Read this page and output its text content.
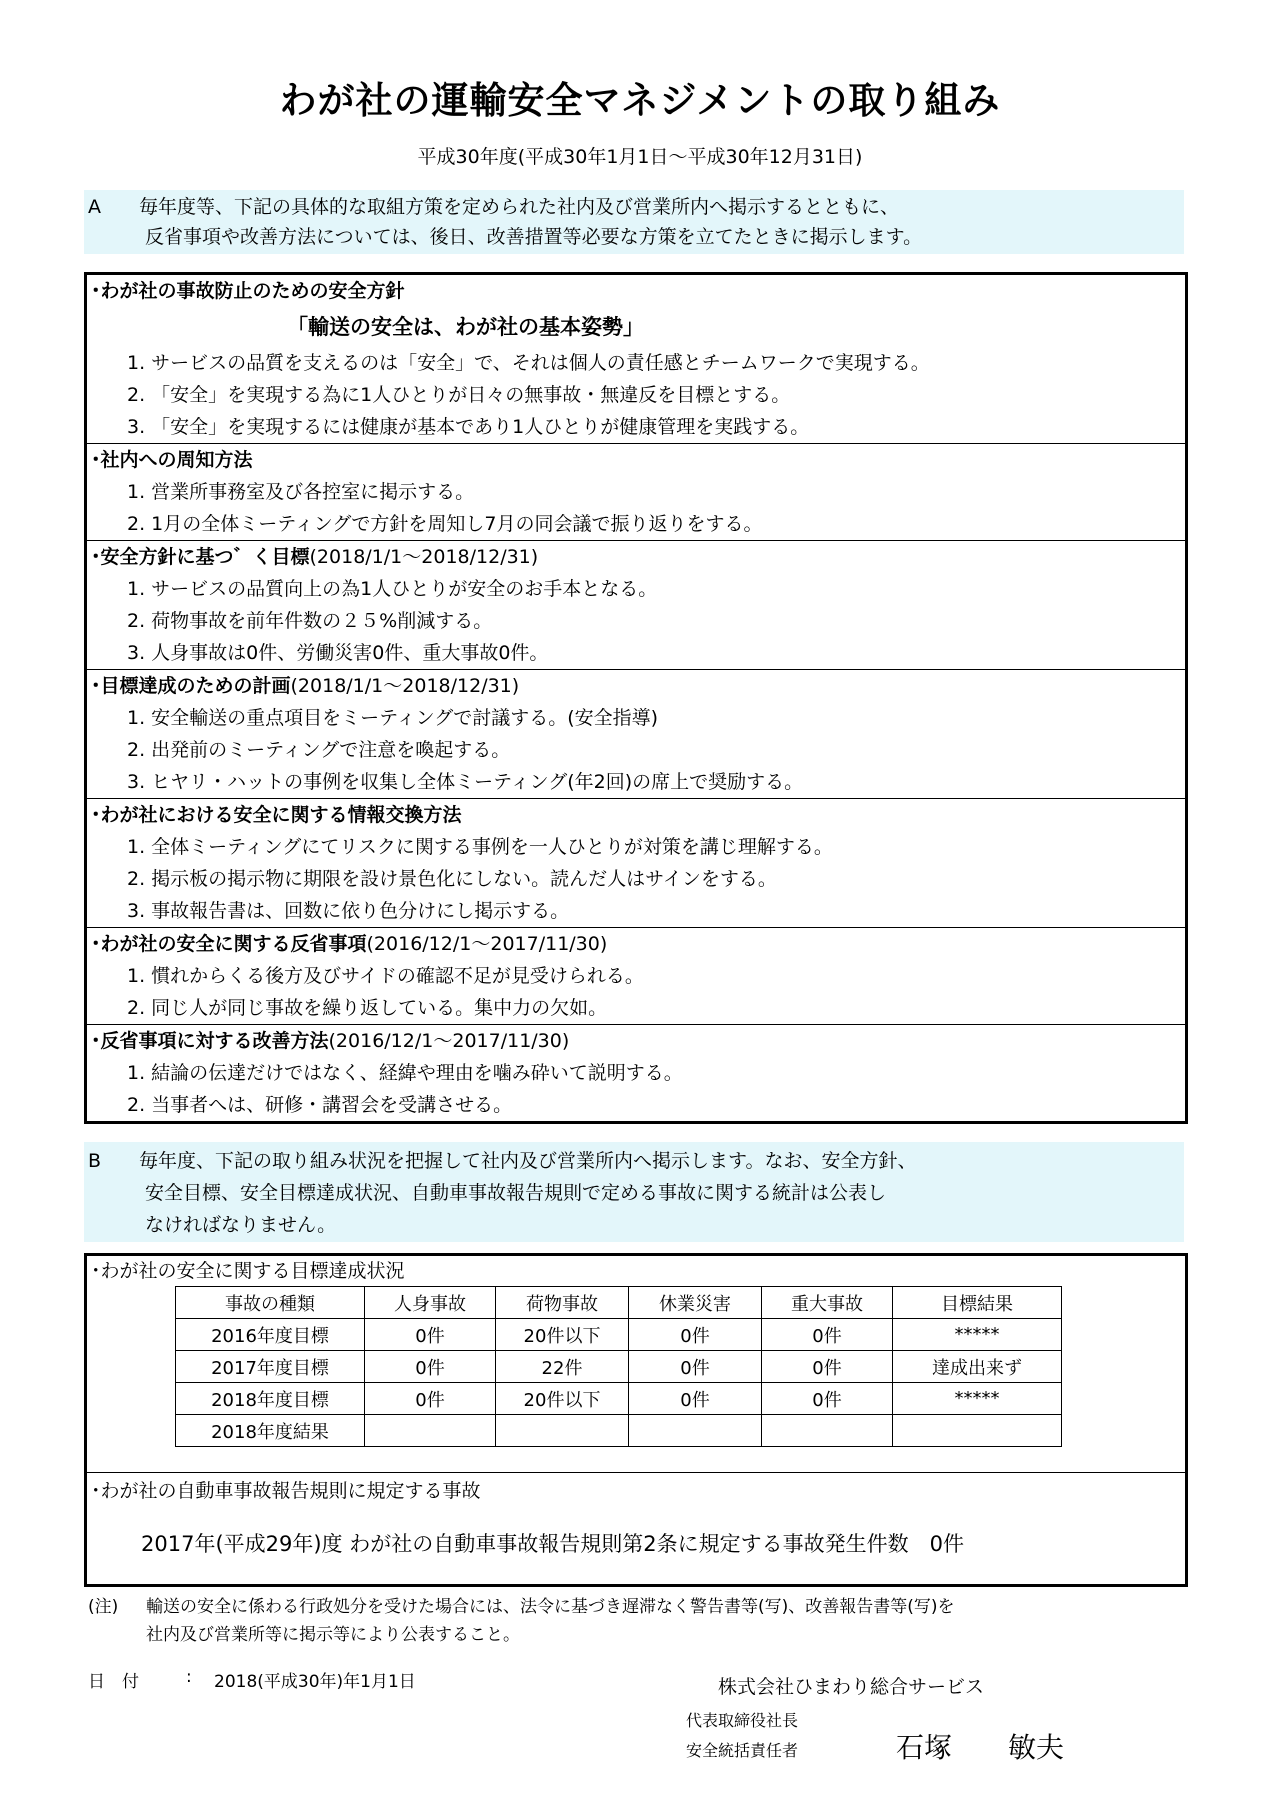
わが社の運輸安全マネジメントの取り組み
平成30年度(平成30年1月1日～平成30年12月31日)
A　　毎年度等、下記の具体的な取組方策を定められた社内及び営業所内へ掲示するとともに、
　　　反省事項や改善方法については、後日、改善措置等必要な方策を立てたときに掲示します。
･わが社の事故防止のための安全方針
「輸送の安全は、わが社の基本姿勢」
1. サービスの品質を支えるのは「安全」で、それは個人の責任感とチームワークで実現する。
2. 「安全」を実現する為に1人ひとりが日々の無事故・無違反を目標とする。
3. 「安全」を実現するには健康が基本であり1人ひとりが健康管理を実践する。
･社内への周知方法
1. 営業所事務室及び各控室に掲示する。
2. 1月の全体ミーティングで方針を周知し7月の同会議で振り返りをする。
･安全方針に基つ゛く目標(2018/1/1～2018/12/31)
1. サービスの品質向上の為1人ひとりが安全のお手本となる。
2. 荷物事故を前年件数の２５%削減する。
3. 人身事故は0件、労働災害0件、重大事故0件。
･目標達成のための計画(2018/1/1～2018/12/31)
1. 安全輸送の重点項目をミーティングで討議する。(安全指導)
2. 出発前のミーティングで注意を喚起する。
3. ヒヤリ・ハットの事例を収集し全体ミーティング(年2回)の席上で奨励する。
･わが社における安全に関する情報交換方法
1. 全体ミーティングにてリスクに関する事例を一人ひとりが対策を講じ理解する。
2. 掲示板の掲示物に期限を設け景色化にしない。読んだ人はサインをする。
3. 事故報告書は、回数に依り色分けにし掲示する。
･わが社の安全に関する反省事項(2016/12/1～2017/11/30)
1. 慣れからくる後方及びサイドの確認不足が見受けられる。
2. 同じ人が同じ事故を繰り返している。集中力の欠如。
･反省事項に対する改善方法(2016/12/1～2017/11/30)
1. 結論の伝達だけではなく、経緯や理由を噛み砕いて説明する。
2. 当事者へは、研修・講習会を受講させる。
B　　毎年度、下記の取り組み状況を把握して社内及び営業所内へ掲示します。なお、安全方針、
　　　安全目標、安全目標達成状況、自動車事故報告規則で定める事故に関する統計は公表し
　　　なければなりません。
･わが社の安全に関する目標達成状況
事故の種類	人身事故	荷物事故	休業災害	重大事故	目標結果
2016年度目標	0件	20件以下	0件	0件	*****
2017年度目標	0件	22件	0件	0件	達成出来ず
2018年度目標	0件	20件以下	0件	0件	*****
2018年度結果					
･わが社の自動車事故報告規則に規定する事故
2017年(平成29年)度 わが社の自動車事故報告規則第2条に規定する事故発生件数　0件
(注) 輸送の安全に係わる行政処分を受けた場合には、法令に基づき遅滞なく警告書等(写)、改善報告書等(写)を
社内及び営業所等に掲示等により公表すること。
日　付	: 2018(平成30年)年1月1日	株式会社ひまわり総合サービス
代表取締役社長
安全統括責任者	石塚　　敏夫
